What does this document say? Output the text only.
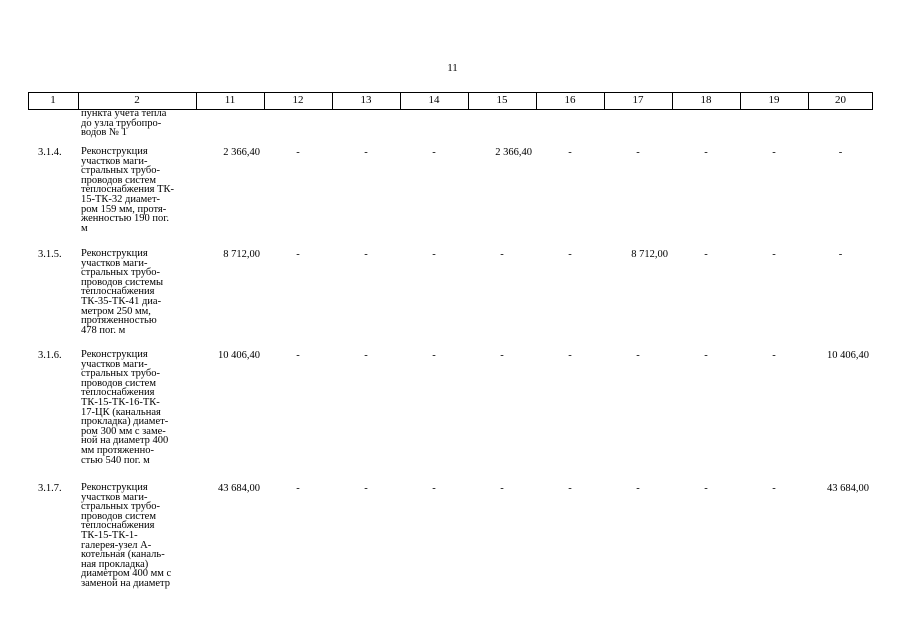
11
1	2	11	12	13	14	15	16	17	18	19	20
пункта учета тепла
до узла трубопро-
водов № 1
3.1.4. Реконструкция
участков маги-
стральных трубо-
проводов систем
теплоснабжения ТК-
15-ТК-32 диамет-
ром 159 мм, протя-
женностью 190 пог.
м
2 366,40	-	-	-	2 366,40	-	-	-	-	-
3.1.5. Реконструкция
участков маги-
стральных трубо-
проводов системы
теплоснабжения
ТК-35-ТК-41 диа-
метром 250 мм,
протяженностью
478 пог. м
8 712,00	-	-	-	-	-	8 712,00	-	-	-
3.1.6. Реконструкция
участков маги-
стральных трубо-
проводов систем
теплоснабжения
ТК-15-ТК-16-ТК-
17-ЦК (канальная
прокладка) диамет-
ром 300 мм с заме-
ной на диаметр 400
мм протяженно-
стью 540 пог. м
10 406,40	-	-	-	-	-	-	-	-	10 406,40
3.1.7. Реконструкция
участков маги-
стральных трубо-
проводов систем
теплоснабжения
ТК-15-ТК-1-
галерея-узел А-
котельная (каналь-
ная прокладка)
диаметром 400 мм с
заменой на диаметр
43 684,00	-	-	-	-	-	-	-	-	43 684,00
